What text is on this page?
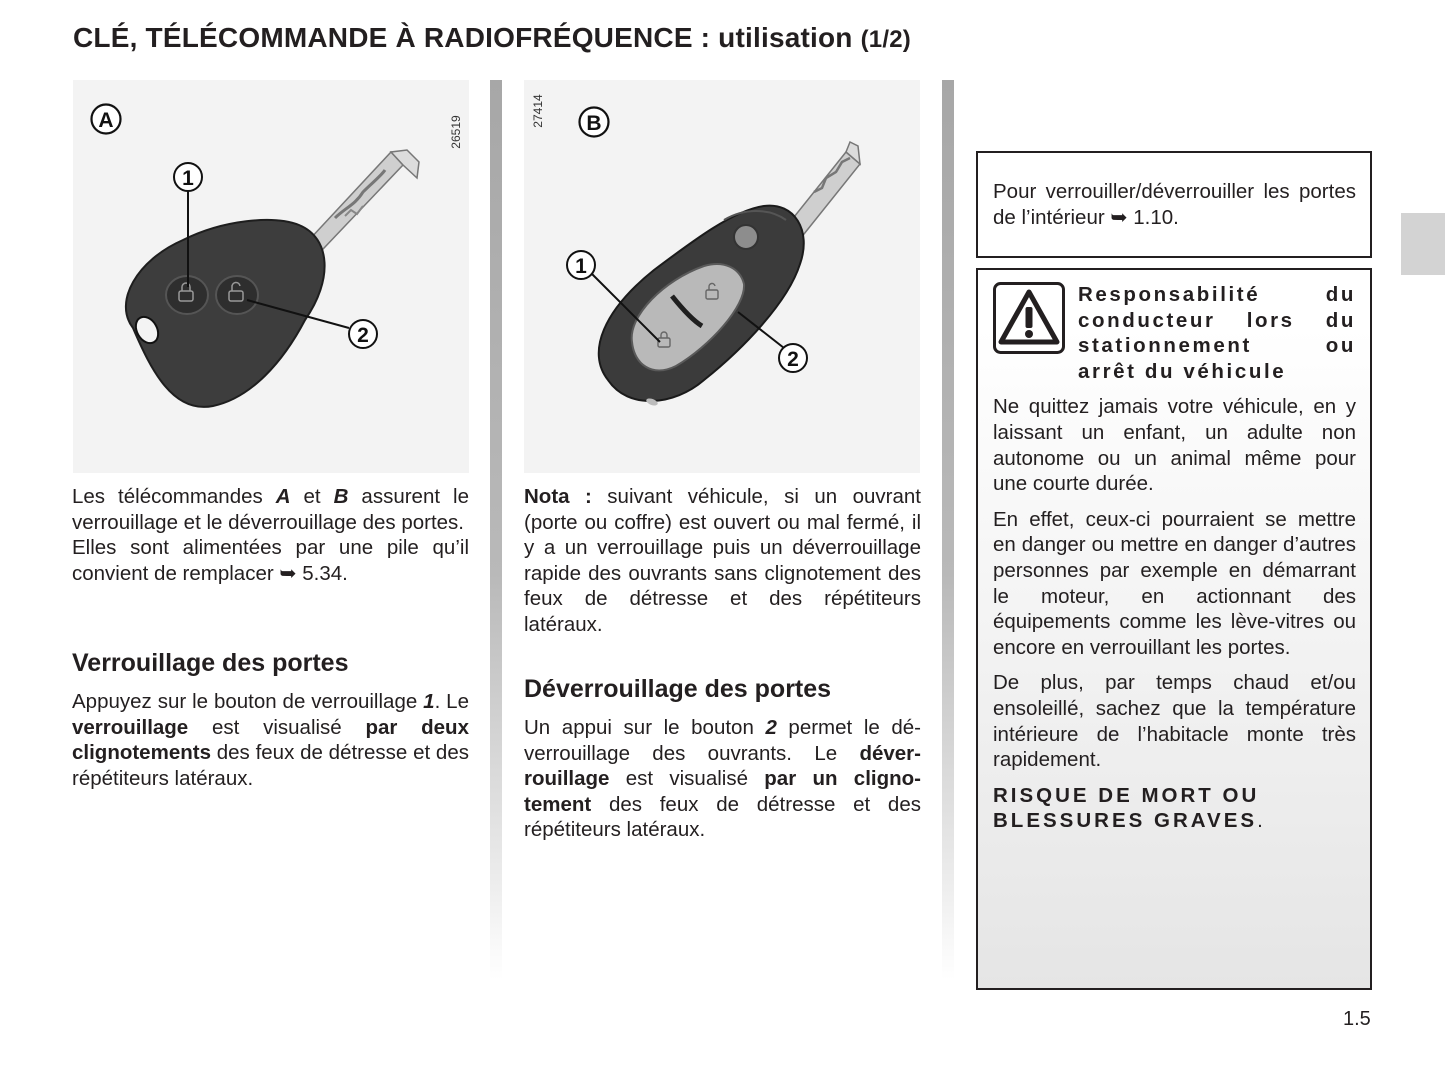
CLÉ, TÉLÉCOMMANDE À RADIOFRÉQUENCE : utilisation (1/2)
A
1
2
26519	B
1
2
27414

Les télécommandes A et B assurent le verrouillage et le déverrouillage des portes.

Elles sont alimentées par une pile qu’il convient de remplacer ➥ 5.34.

Verrouillage des portes

Appuyez sur le bouton de verrouillage 1. Le verrouillage est visualisé par deux clignotements des feux de détresse et des répétiteurs latéraux.

Nota : suivant véhicule, si un ouvrant (porte ou coffre) est ouvert ou mal fermé, il y a un verrouillage puis un déverrouillage rapide des ouvrants sans clignotement des feux de détresse et des répétiteurs latéraux.

Déverrouillage des portes

Un appui sur le bouton 2 permet le déverrouillage des ouvrants. Le déverrouillage est visualisé par un clignotement des feux de détresse et des répétiteurs latéraux.

Pour verrouiller/déverrouiller les portes de l’intérieur ➥ 1.10.

Responsabilité du conducteur lors du stationnement ou arrêt du véhicule

Ne quittez jamais votre véhicule, en y laissant un enfant, un adulte non autonome ou un animal même pour une courte durée.

En effet, ceux-ci pourraient se mettre en danger ou mettre en danger d’autres personnes par exemple en démarrant le moteur, en actionnant des équipements comme les lève-vitres ou encore en verrouillant les portes.

De plus, par temps chaud et/ou ensoleillé, sachez que la température intérieure de l’habitacle monte très rapidement.

RISQUE DE MORT OU BLESSURES GRAVES.

1.5
